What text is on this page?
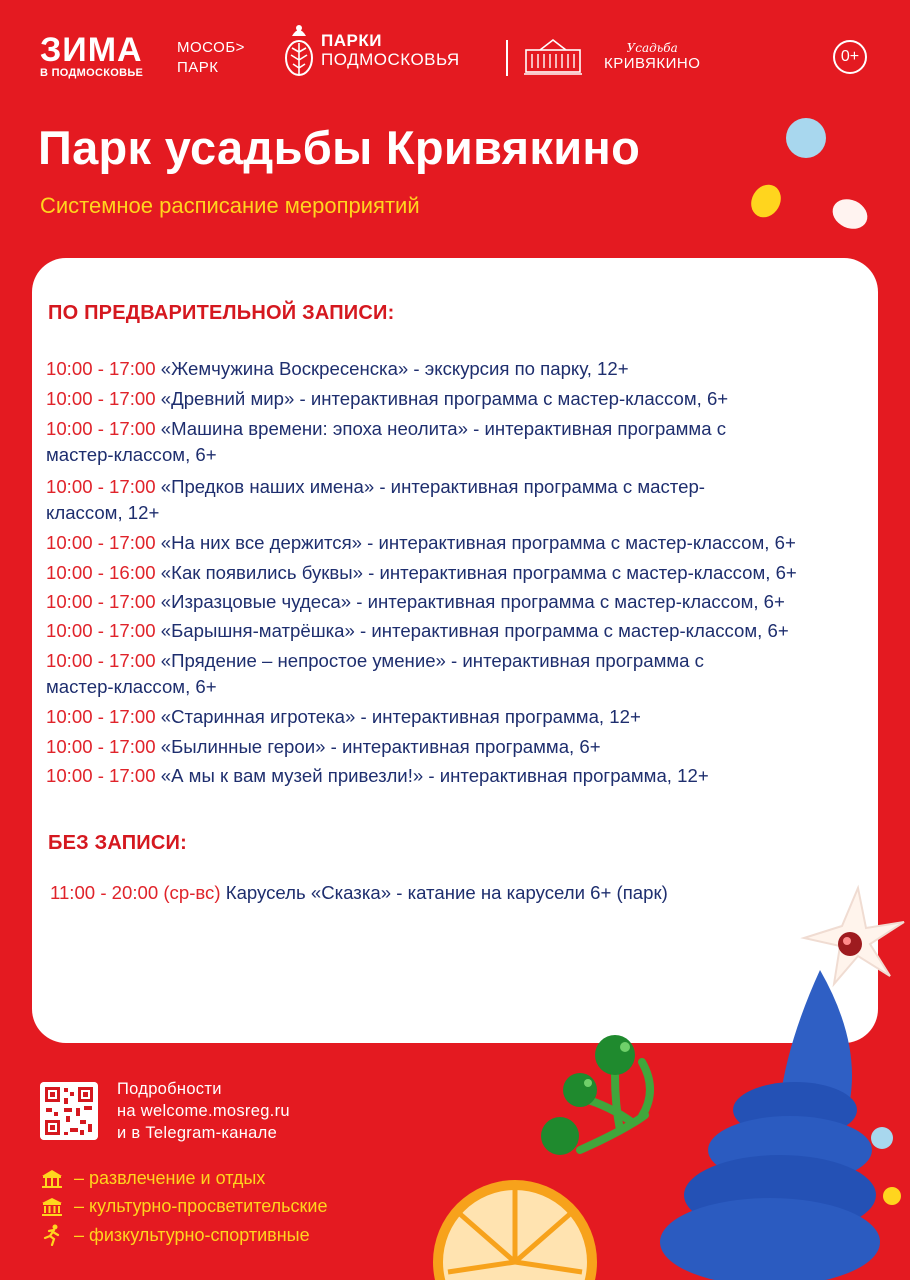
ЗИМА
В ПОДМОСКОВЬЕ
МОСОБ>
ПАРК
ПАРКИ
ПОДМОСКОВЬЯ
Усадьба
КРИВЯКИНО	0+
Парк усадьбы Кривякино
Системное расписание мероприятий
ПО ПРЕДВАРИТЕЛЬНОЙ ЗАПИСИ:
10:00 - 17:00 «Жемчужина Воскресенска» - экскурсия по парку, 12+
10:00 - 17:00 «Древний мир» - интерактивная программа с мастер-классом, 6+
10:00 - 17:00 «Машина времени: эпоха неолита» - интерактивная программа с мастер-классом, 6+
10:00 - 17:00 «Предков наших имена» - интерактивная программа с мастер-классом, 12+
10:00 - 17:00 «На них все держится» - интерактивная программа с мастер-классом, 6+
10:00 - 16:00 «Как появились буквы» - интерактивная программа с мастер-классом, 6+
10:00 - 17:00 «Изразцовые чудеса» - интерактивная программа с мастер-классом, 6+
10:00 - 17:00 «Барышня-матрёшка» - интерактивная программа с мастер-классом, 6+
10:00 - 17:00 «Прядение – непростое умение» - интерактивная программа с мастер-классом, 6+
10:00 - 17:00 «Старинная игротека» - интерактивная программа, 12+
10:00 - 17:00 «Былинные герои» - интерактивная программа, 6+
10:00 - 17:00 «А мы к вам музей привезли!» - интерактивная программа, 12+
БЕЗ ЗАПИСИ:
11:00 - 20:00 (ср-вс) Карусель «Сказка» - катание на карусели 6+ (парк)
Подробности
на welcome.mosreg.ru
и в Telegram-канале
– развлечение и отдых
– культурно-просветительские
– физкультурно-спортивные
